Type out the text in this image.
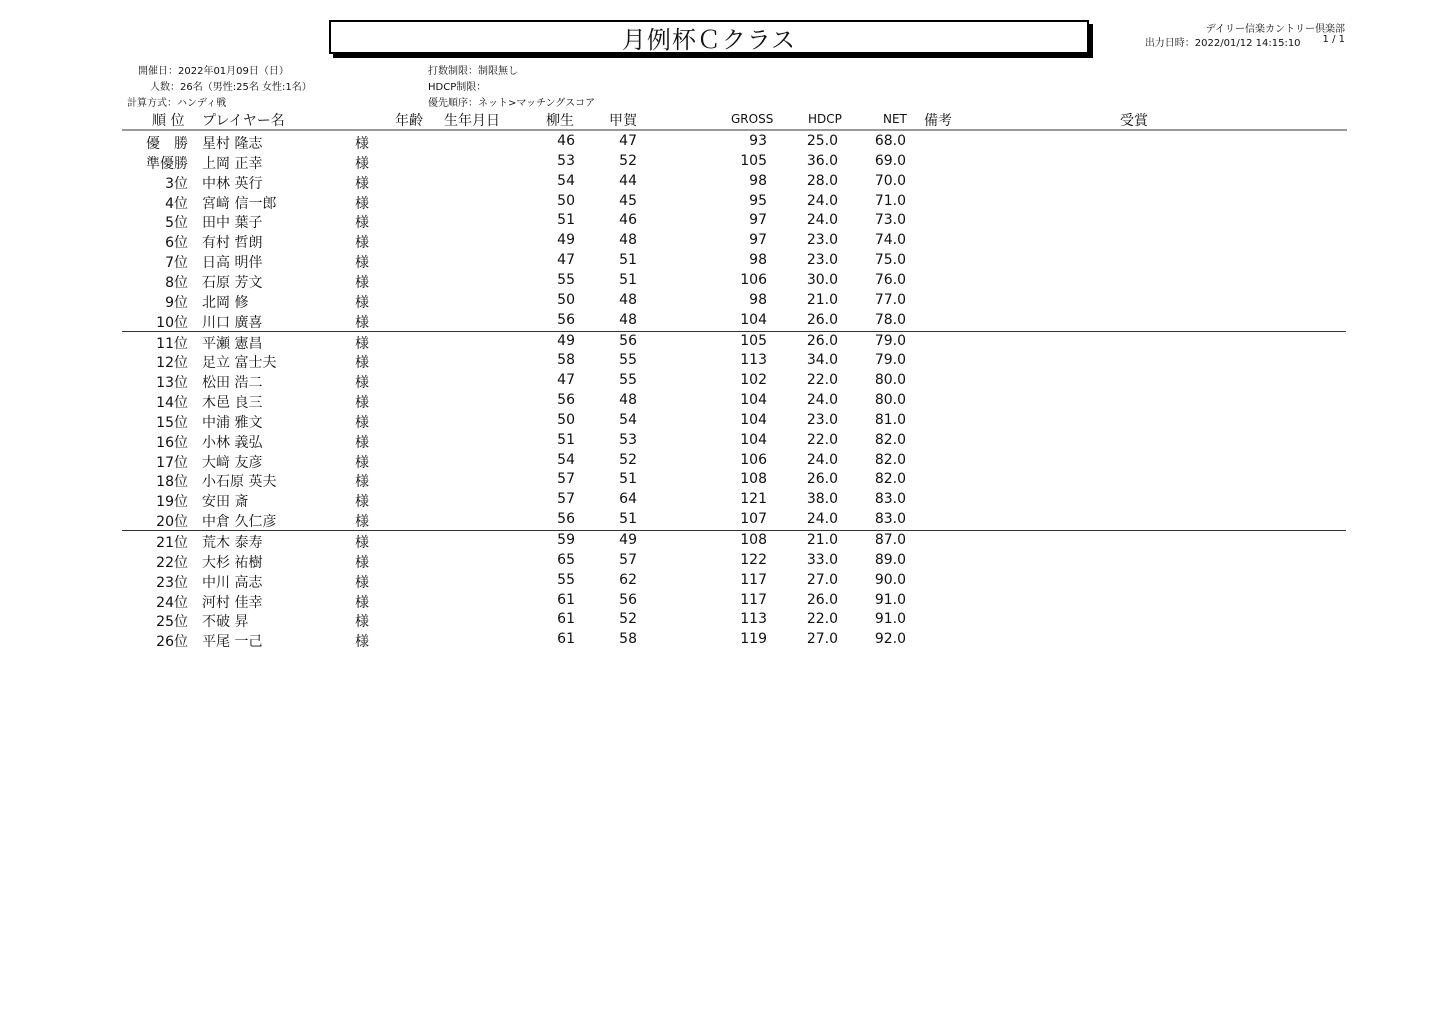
月例杯Ｃクラス	デイリー信楽カントリー倶楽部
出力日時：2022/01/12 14:15:10 1 / 1
開催日：2022年01月09日（日）
人数：26名（男性:25名 女性:1名）
計算方式：ハンディ戦
打数制限：制限無し
HDCP制限：
優先順序：ネット>マッチングスコア
順 位 プレイヤー名	年齢 生年月日	柳生	甲賀	GROSS	HDCP	NET 備考	受賞
優　勝 星村 隆志	様	46	47	93	25.0	68.0
準優勝 上岡 正幸	様	53	52	105	36.0	69.0
3位 中林 英行	様	54	44	98	28.0	70.0
4位 宮﨑 信一郎	様	50	45	95	24.0	71.0
5位 田中 葉子	様	51	46	97	24.0	73.0
6位 有村 哲朗	様	49	48	97	23.0	74.0
7位 日高 明伴	様	47	51	98	23.0	75.0
8位 石原 芳文	様	55	51	106	30.0	76.0
9位 北岡 修	様	50	48	98	21.0	77.0
10位 川口 廣喜	様	56	48	104	26.0	78.0
11位 平瀬 憲昌	様	49	56	105	26.0	79.0
12位 足立 富士夫	様	58	55	113	34.0	79.0
13位 松田 浩二	様	47	55	102	22.0	80.0
14位 木邑 良三	様	56	48	104	24.0	80.0
15位 中浦 雅文	様	50	54	104	23.0	81.0
16位 小林 義弘	様	51	53	104	22.0	82.0
17位 大﨑 友彦	様	54	52	106	24.0	82.0
18位 小石原 英夫	様	57	51	108	26.0	82.0
19位 安田 斎	様	57	64	121	38.0	83.0
20位 中倉 久仁彦	様	56	51	107	24.0	83.0
21位 荒木 泰寿	様	59	49	108	21.0	87.0
22位 大杉 祐樹	様	65	57	122	33.0	89.0
23位 中川 高志	様	55	62	117	27.0	90.0
24位 河村 佳幸	様	61	56	117	26.0	91.0
25位 不破 昇	様	61	52	113	22.0	91.0
26位 平尾 一己	様	61	58	119	27.0	92.0
